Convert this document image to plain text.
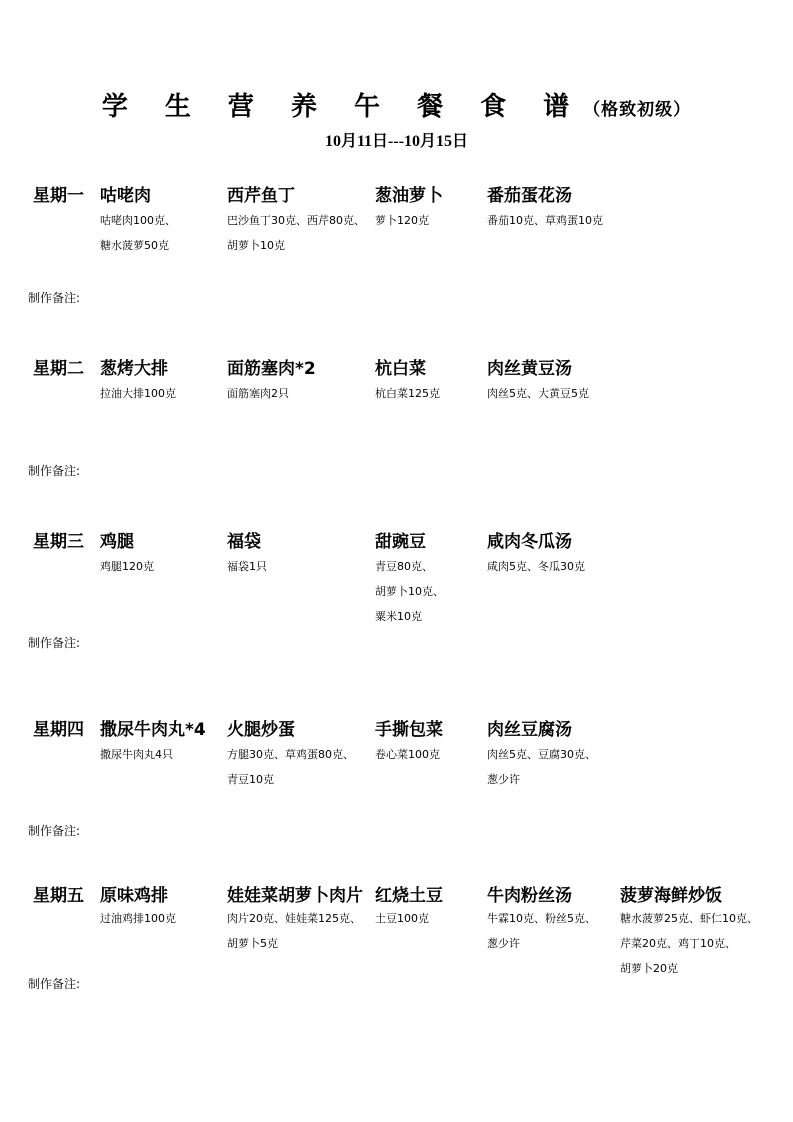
学 生 营 养 午 餐 食 谱（格致初级）
10月11日---10月15日
星期一 咕咾肉
咕咾肉100克、
糖水菠萝50克
西芹鱼丁
巴沙鱼丁30克、西芹80克、
胡萝卜10克
葱油萝卜
萝卜120克
番茄蛋花汤
番茄10克、草鸡蛋10克
制作备注:
星期二 葱烤大排
拉油大排100克
面筋塞肉*2
面筋塞肉2只
杭白菜
杭白菜125克
肉丝黄豆汤
肉丝5克、大黄豆5克
制作备注:
星期三 鸡腿
鸡腿120克
福袋
福袋1只
甜豌豆
青豆80克、
胡萝卜10克、
粟米10克
咸肉冬瓜汤
咸肉5克、冬瓜30克
制作备注:
星期四 撒尿牛肉丸*4
撒尿牛肉丸4只
火腿炒蛋
方腿30克、草鸡蛋80克、
青豆10克
手撕包菜
卷心菜100克
肉丝豆腐汤
肉丝5克、豆腐30克、
葱少许
制作备注:
星期五 原味鸡排
过油鸡排100克
娃娃菜胡萝卜肉片
肉片20克、娃娃菜125克、
胡萝卜5克
红烧土豆
土豆100克
牛肉粉丝汤
牛霖10克、粉丝5克、
葱少许
菠萝海鲜炒饭
糖水菠萝25克、虾仁10克、
芹菜20克、鸡丁10克、
胡萝卜20克
制作备注:
